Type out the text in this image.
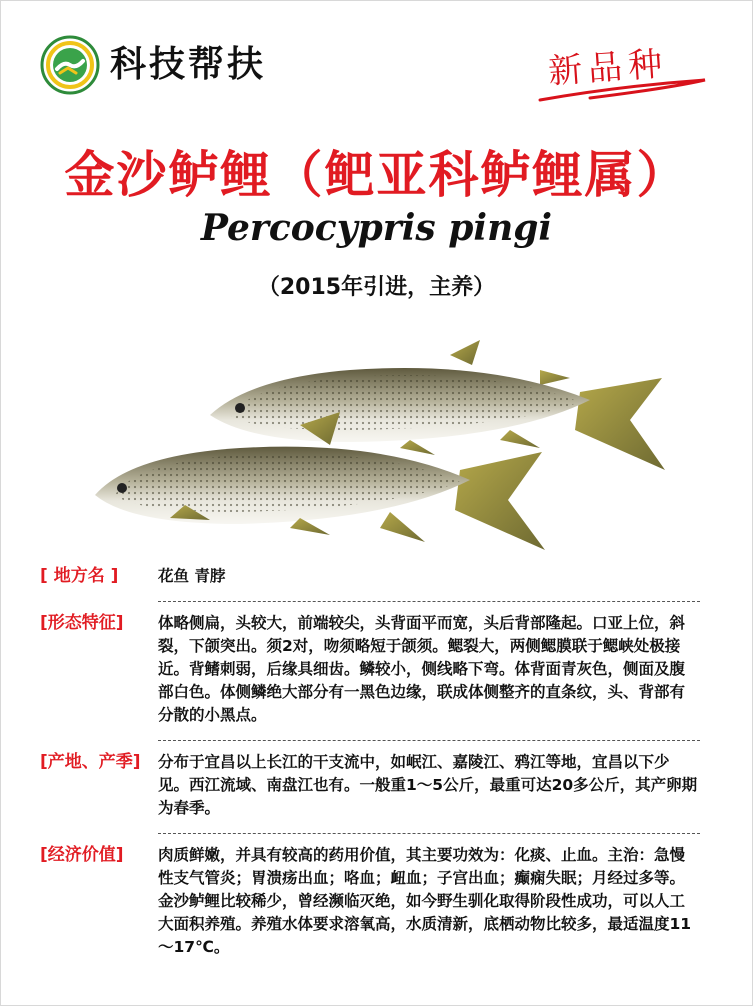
科技帮扶	新品种
金沙鲈鲤（鲃亚科鲈鲤属）
Percocypris pingi
（2015年引进，主养）
[ 地方名 ]	花鱼 青脖

[形态特征]	体略侧扁，头较大，前端较尖，头背面平而宽，头后背部隆起。口亚上位，斜裂，下颌突出。须2对，吻须略短于颌须。鳃裂大，两侧鳃膜联于鳃峡处极接近。背鳍刺弱，后缘具细齿。鳞较小，侧线略下弯。体背面青灰色，侧面及腹部白色。体侧鳞绝大部分有一黑色边缘，联成体侧整齐的直条纹，头、背部有分散的小黑点。

[产地、产季]	分布于宜昌以上长江的干支流中，如岷江、嘉陵江、鸦江等地，宜昌以下少见。西江流域、南盘江也有。一般重1～5公斤，最重可达20多公斤，其产卵期为春季。

[经济价值]	肉质鲜嫩，并具有较高的药用价值，其主要功效为：化痰、止血。主治：急慢性支气管炎；胃溃疡出血；咯血；衄血；子宫出血；癫痫失眠；月经过多等。

金沙鲈鲤比较稀少，曾经濒临灭绝，如今野生驯化取得阶段性成功，可以人工大面积养殖。养殖水体要求溶氧高，水质清新，底栖动物比较多，最适温度11～17℃。
